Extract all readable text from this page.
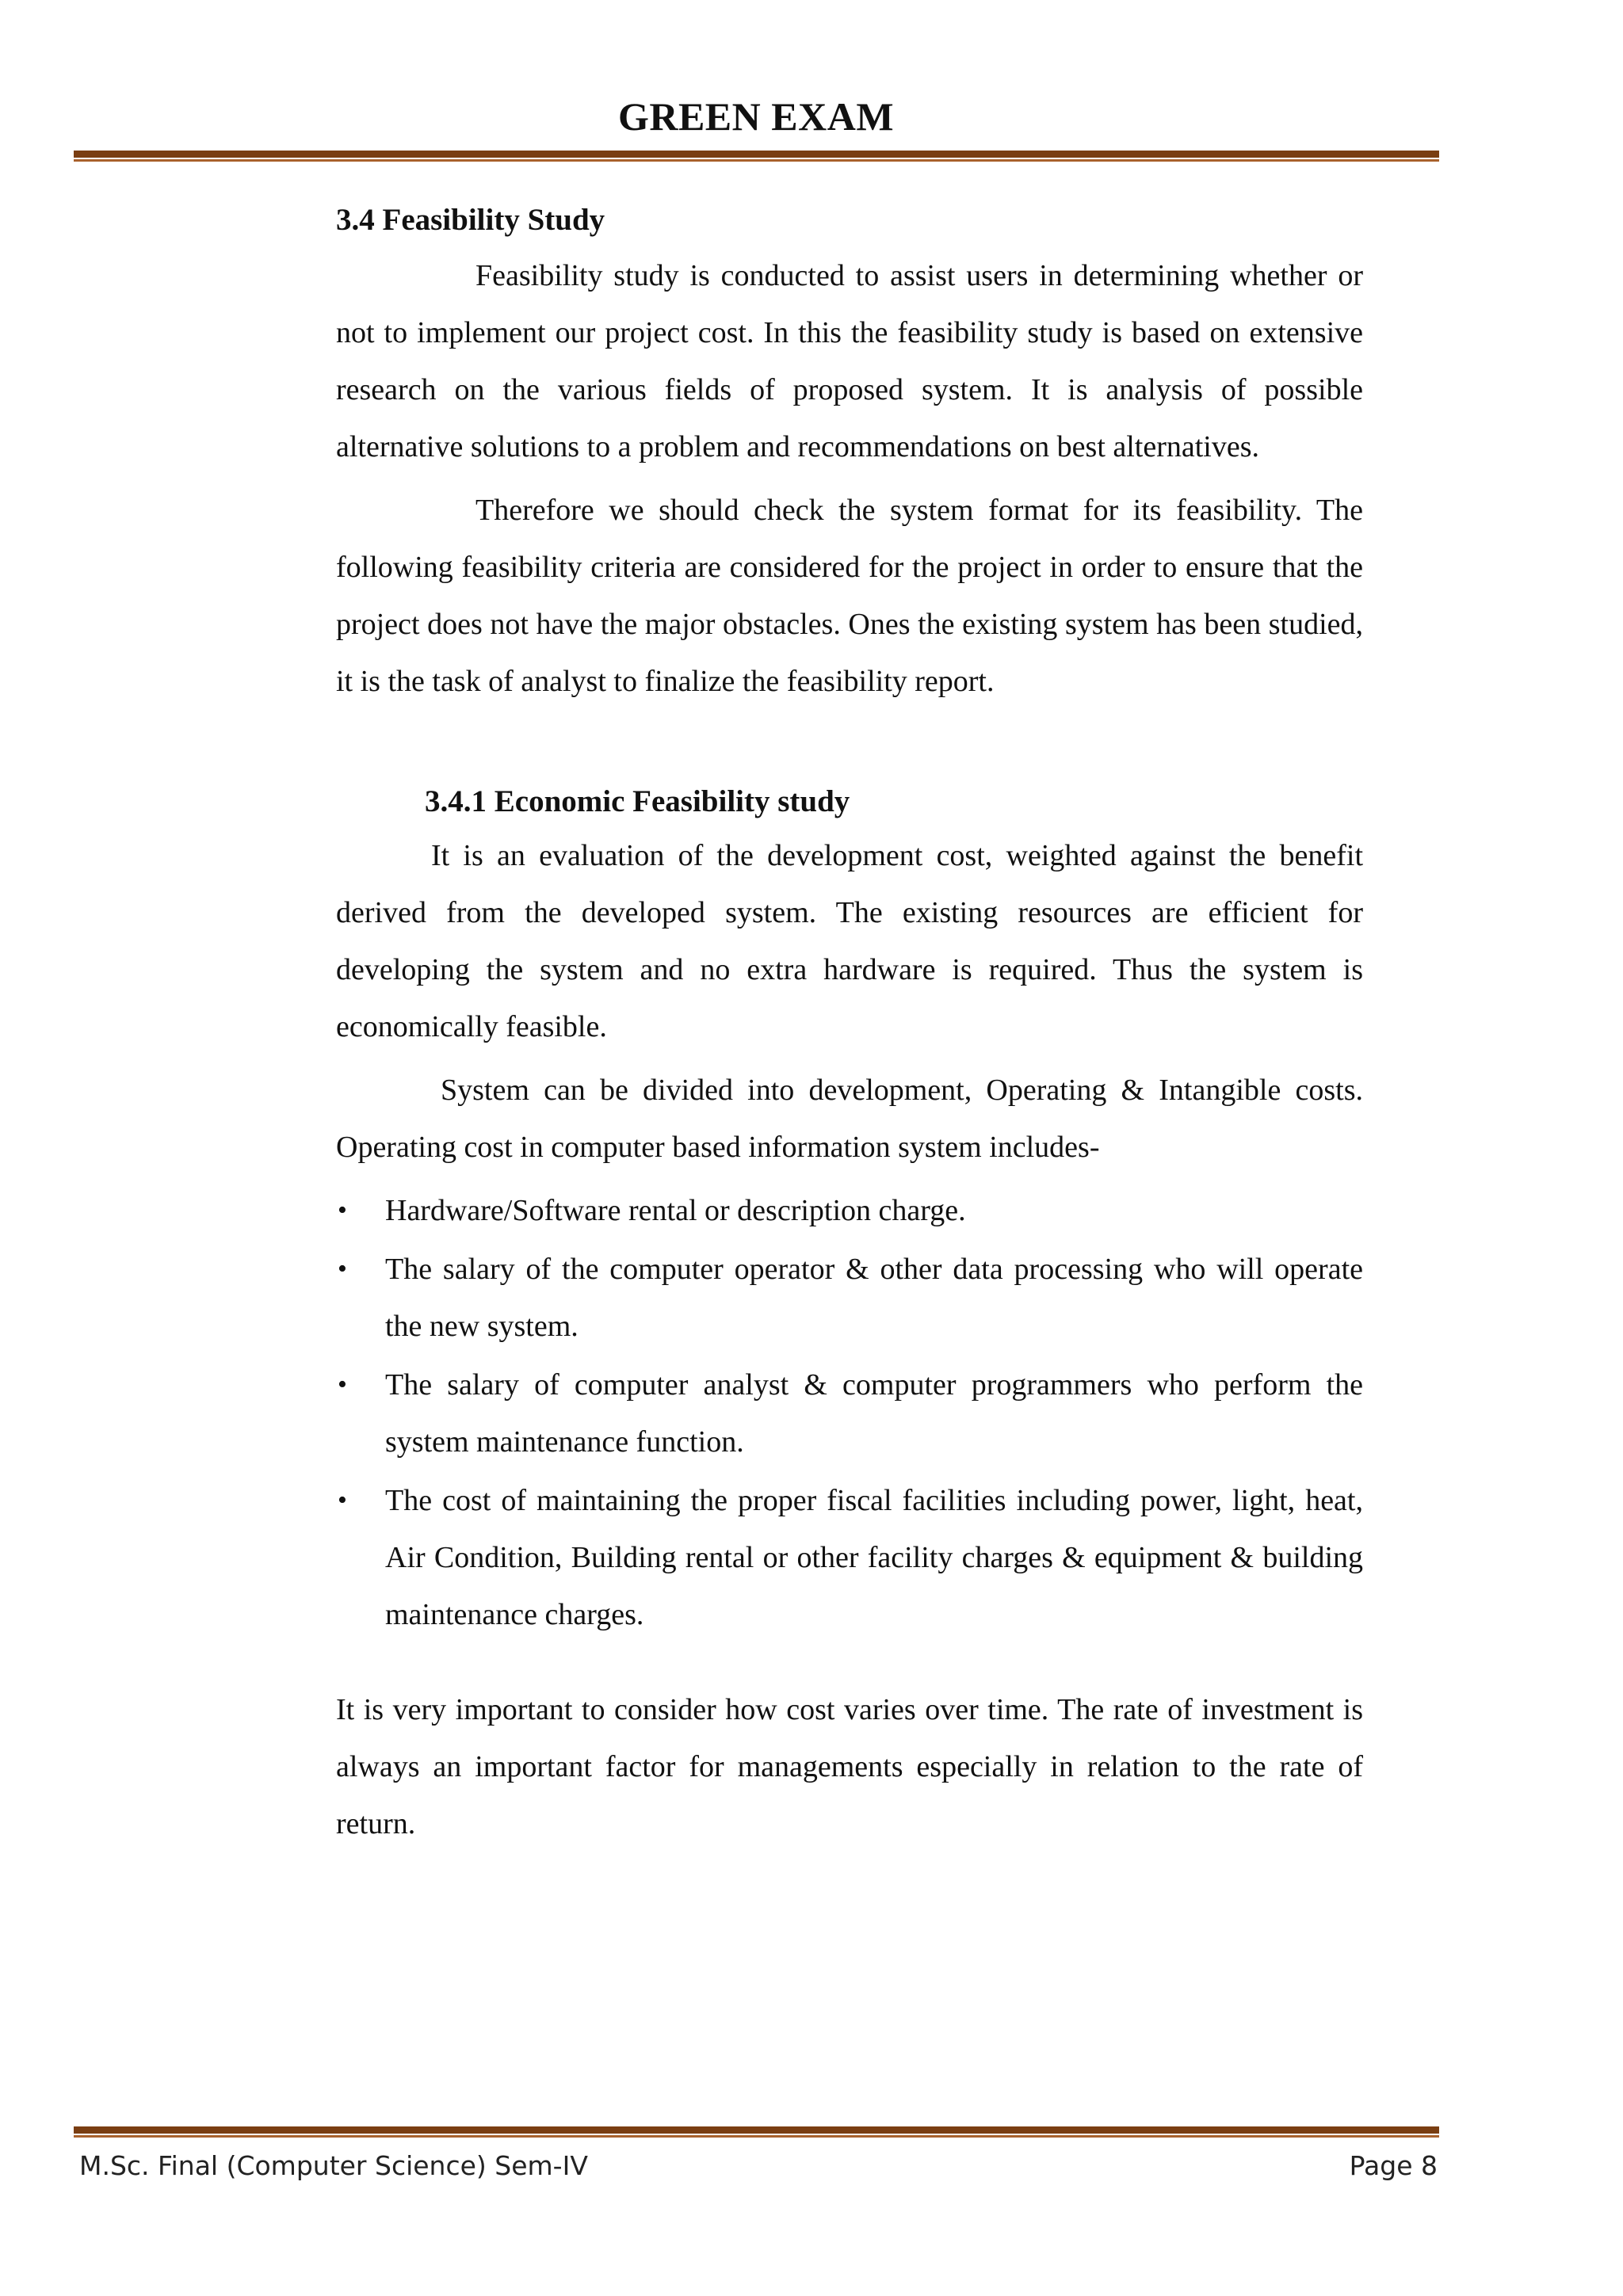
GREEN EXAM
3.4 Feasibility Study

Feasibility study is conducted to assist users in determining whether or not to implement our project cost. In this the feasibility study is based on extensive research on the various fields of proposed system. It is analysis of possible alternative solutions to a problem and recommendations on best alternatives.

Therefore we should check the system format for its feasibility. The following feasibility criteria are considered for the project in order to ensure that the project does not have the major obstacles. Ones the existing system has been studied, it is the task of analyst to finalize the feasibility report.

3.4.1 Economic Feasibility study

It is an evaluation of the development cost, weighted against the benefit derived from the developed system. The existing resources are efficient for developing the system and no extra hardware is required. Thus the system is economically feasible.

System can be divided into development, Operating & Intangible costs. Operating cost in computer based information system includes-

• Hardware/Software rental or description charge.
• The salary of the computer operator & other data processing who will operate the new system.
• The salary of computer analyst & computer programmers who perform the system maintenance function.
• The cost of maintaining the proper fiscal facilities including power, light, heat, Air Condition, Building rental or other facility charges & equipment & building maintenance charges.

It is very important to consider how cost varies over time. The rate of investment is always an important factor for managements especially in relation to the rate of return.

M.Sc. Final (Computer Science) Sem-IV	Page 8
